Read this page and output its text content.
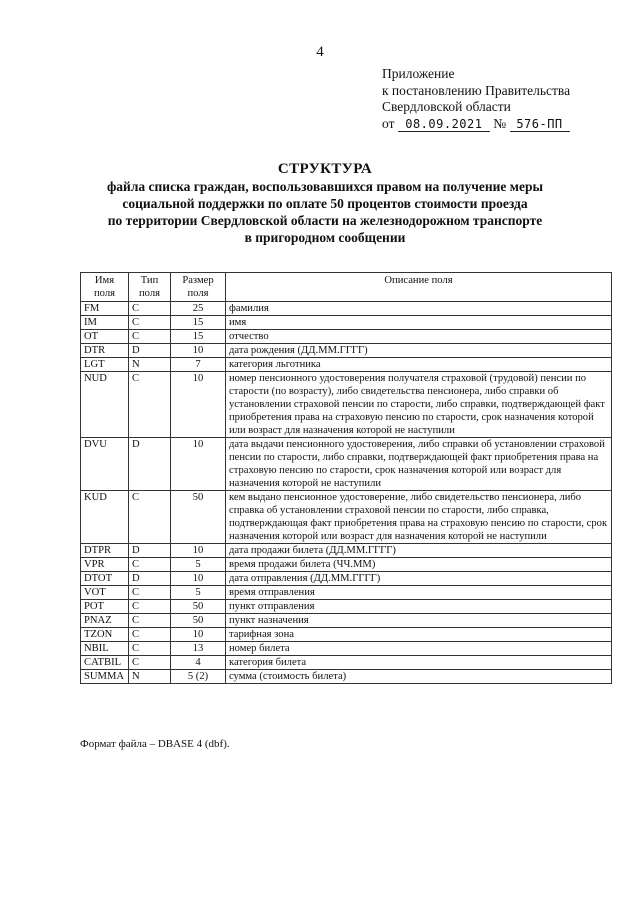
4
Приложение
к постановлению Правительства
Свердловской области
от 08.09.2021 № 576-ПП
СТРУКТУРА
файла списка граждан, воспользовавшихся правом на получение меры
социальной поддержки по оплате 50 процентов стоимости проезда
по территории Свердловской области на железнодорожном транспорте
в пригородном сообщении
Имя поля	Тип поля	Размер поля	Описание поля
FM	C	25	фамилия
IM	C	15	имя
OT	C	15	отчество
DTR	D	10	дата рождения (ДД.ММ.ГГГГ)
LGT	N	7	категория льготника
NUD	C	10	номер пенсионного удостоверения получателя страховой (трудовой) пенсии по старости (по возрасту), либо свидетельства пенсионера, либо справки об установлении страховой пенсии по старости, либо справки, подтверждающей факт приобретения права на страховую пенсию по старости, срок назначения которой или возраст для назначения которой не наступили
DVU	D	10	дата выдачи пенсионного удостоверения, либо справки об установлении страховой пенсии по старости, либо справки, подтверждающей факт приобретения права на страховую пенсию по старости, срок назначения которой или возраст для назначения которой не наступили
KUD	C	50	кем выдано пенсионное удостоверение, либо свидетельство пенсионера, либо справка об установлении страховой пенсии по старости, либо справка, подтверждающая факт приобретения права на страховую пенсию по старости, срок назначения которой или возраст для назначения которой не наступили
DTPR	D	10	дата продажи билета (ДД.ММ.ГГГГ)
VPR	C	5	время продажи билета (ЧЧ.ММ)
DTOT	D	10	дата отправления (ДД.ММ.ГГГГ)
VOT	C	5	время отправления
POT	C	50	пункт отправления
PNAZ	C	50	пункт назначения
TZON	C	10	тарифная зона
NBIL	C	13	номер билета
CATBIL	C	4	категория билета
SUMMA	N	5 (2)	сумма (стоимость билета)
Формат файла – DBASE 4 (dbf).
